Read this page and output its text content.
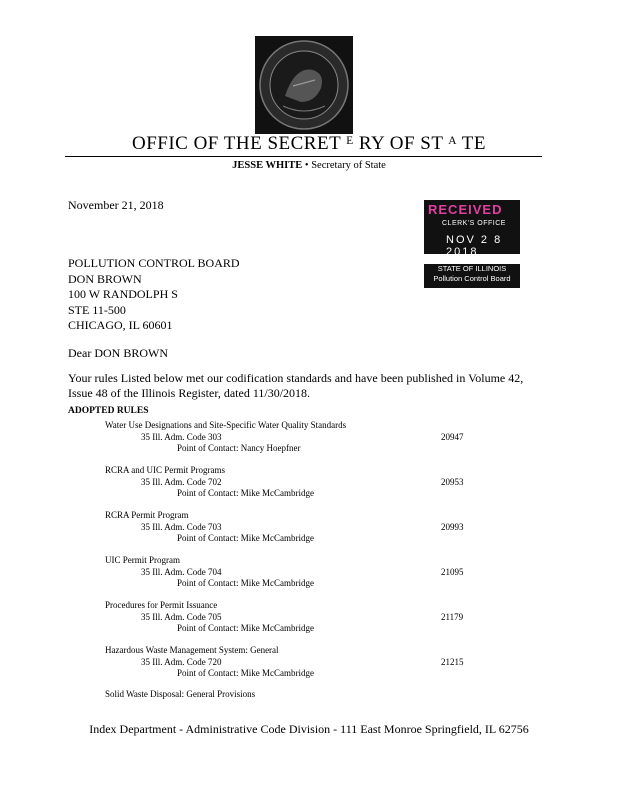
OFFIC OF THE SECRET ᴱ RY OF ST ᴬ TE
JESSE WHITE • Secretary of State
November 21, 2018	RECEIVED
CLERK'S OFFICE
NOV 2 8 2018
STATE OF ILLINOIS
Pollution Control Board
POLLUTION CONTROL BOARD
DON BROWN
100 W RANDOLPH S
STE 11-500
CHICAGO, IL 60601
Dear DON BROWN
Your rules Listed below met our codification standards and have been published in Volume 42, Issue 48 of the Illinois Register, dated 11/30/2018.
ADOPTED RULES
Water Use Designations and Site-Specific Water Quality Standards
35 Ill. Adm. Code 303
Point of Contact: Nancy Hoepfner
20947
RCRA and UIC Permit Programs
35 Ill. Adm. Code 702
Point of Contact: Mike McCambridge
20953
RCRA Permit Program
35 Ill. Adm. Code 703
Point of Contact: Mike McCambridge
20993
UIC Permit Program
35 Ill. Adm. Code 704
Point of Contact: Mike McCambridge
21095
Procedures for Permit Issuance
35 Ill. Adm. Code 705
Point of Contact: Mike McCambridge
21179
Hazardous Waste Management System: General
35 Ill. Adm. Code 720
Point of Contact: Mike McCambridge
21215
Solid Waste Disposal: General Provisions
Index Department - Administrative Code Division - 111 East Monroe Springfield, IL 62756
